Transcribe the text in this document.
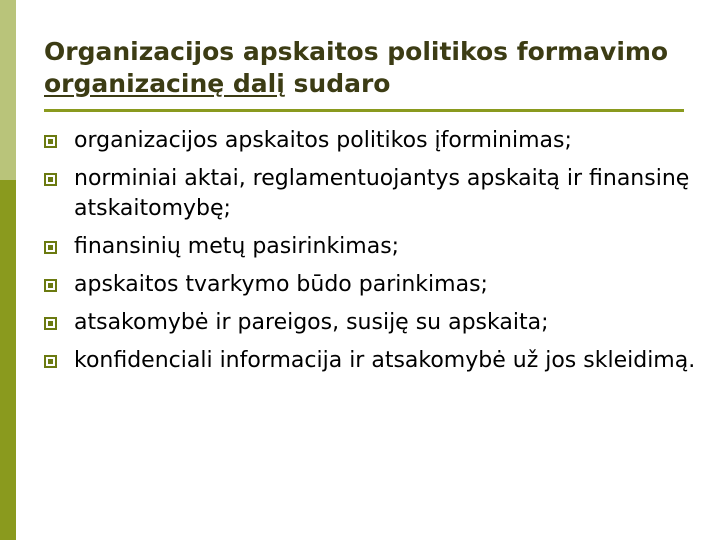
Organizacijos apskaitos politikos formavimo organizacinę dalį sudaro
organizacijos apskaitos politikos įforminimas;
norminiai aktai, reglamentuojantys apskaitą ir finansinę atskaitomybę;
finansinių metų pasirinkimas;
apskaitos tvarkymo būdo parinkimas;
atsakomybė ir pareigos, susiję su apskaita;
konfidenciali informacija ir atsakomybė už jos skleidimą.
